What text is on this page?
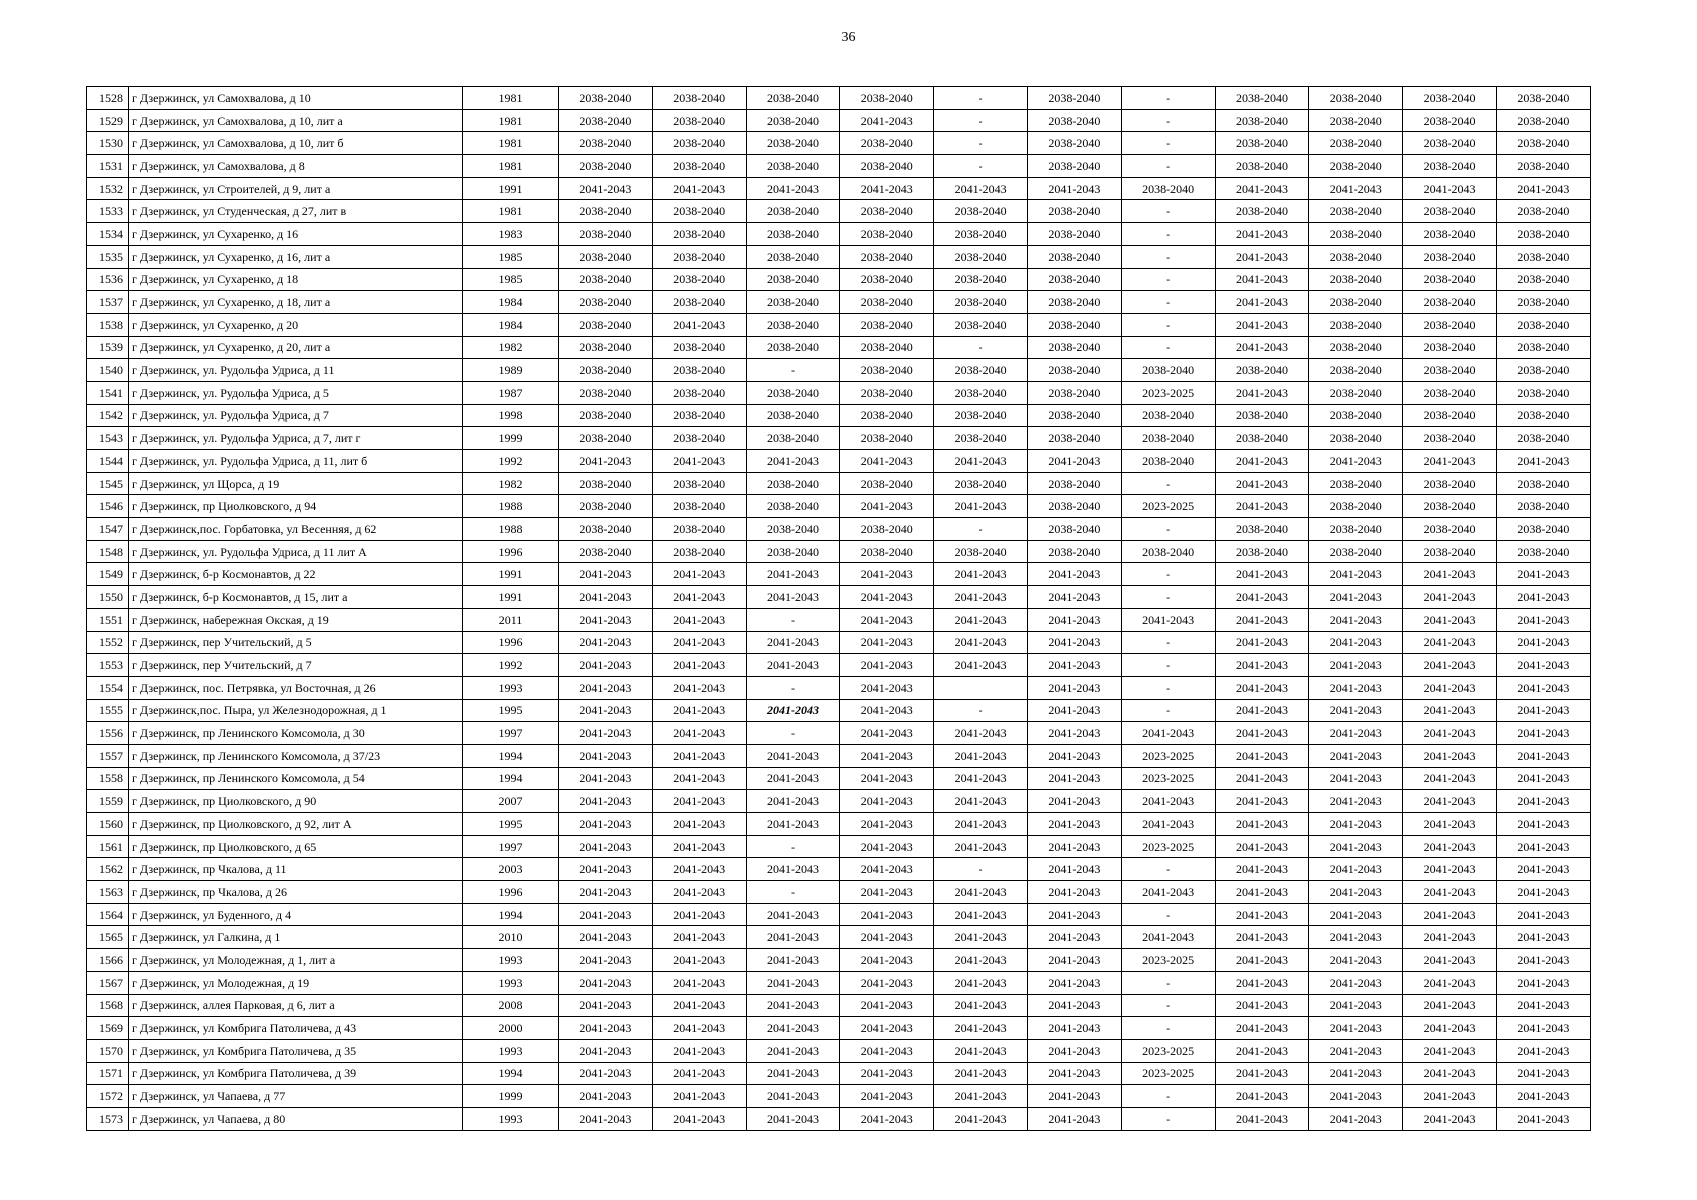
36
1528	г Дзержинск, ул Самохвалова, д 10	1981	2038-2040	2038-2040	2038-2040	2038-2040	-	2038-2040	-	2038-2040	2038-2040	2038-2040	2038-2040
1529	г Дзержинск, ул Самохвалова, д 10, лит а	1981	2038-2040	2038-2040	2038-2040	2041-2043	-	2038-2040	-	2038-2040	2038-2040	2038-2040	2038-2040
1530	г Дзержинск, ул Самохвалова, д 10, лит б	1981	2038-2040	2038-2040	2038-2040	2038-2040	-	2038-2040	-	2038-2040	2038-2040	2038-2040	2038-2040
1531	г Дзержинск, ул Самохвалова, д 8	1981	2038-2040	2038-2040	2038-2040	2038-2040	-	2038-2040	-	2038-2040	2038-2040	2038-2040	2038-2040
1532	г Дзержинск, ул Строителей, д 9, лит а	1991	2041-2043	2041-2043	2041-2043	2041-2043	2041-2043	2041-2043	2038-2040	2041-2043	2041-2043	2041-2043	2041-2043
1533	г Дзержинск, ул Студенческая, д 27, лит в	1981	2038-2040	2038-2040	2038-2040	2038-2040	2038-2040	2038-2040	-	2038-2040	2038-2040	2038-2040	2038-2040
1534	г Дзержинск, ул Сухаренко, д 16	1983	2038-2040	2038-2040	2038-2040	2038-2040	2038-2040	2038-2040	-	2041-2043	2038-2040	2038-2040	2038-2040
1535	г Дзержинск, ул Сухаренко, д 16, лит а	1985	2038-2040	2038-2040	2038-2040	2038-2040	2038-2040	2038-2040	-	2041-2043	2038-2040	2038-2040	2038-2040
1536	г Дзержинск, ул Сухаренко, д 18	1985	2038-2040	2038-2040	2038-2040	2038-2040	2038-2040	2038-2040	-	2041-2043	2038-2040	2038-2040	2038-2040
1537	г Дзержинск, ул Сухаренко, д 18, лит а	1984	2038-2040	2038-2040	2038-2040	2038-2040	2038-2040	2038-2040	-	2041-2043	2038-2040	2038-2040	2038-2040
1538	г Дзержинск, ул Сухаренко, д 20	1984	2038-2040	2041-2043	2038-2040	2038-2040	2038-2040	2038-2040	-	2041-2043	2038-2040	2038-2040	2038-2040
1539	г Дзержинск, ул Сухаренко, д 20, лит а	1982	2038-2040	2038-2040	2038-2040	2038-2040	-	2038-2040	-	2041-2043	2038-2040	2038-2040	2038-2040
1540	г Дзержинск, ул. Рудольфа Удриса, д 11	1989	2038-2040	2038-2040	-	2038-2040	2038-2040	2038-2040	2038-2040	2038-2040	2038-2040	2038-2040	2038-2040
1541	г Дзержинск, ул. Рудольфа Удриса, д 5	1987	2038-2040	2038-2040	2038-2040	2038-2040	2038-2040	2038-2040	2023-2025	2041-2043	2038-2040	2038-2040	2038-2040
1542	г Дзержинск, ул. Рудольфа Удриса, д 7	1998	2038-2040	2038-2040	2038-2040	2038-2040	2038-2040	2038-2040	2038-2040	2038-2040	2038-2040	2038-2040	2038-2040
1543	г Дзержинск, ул. Рудольфа Удриса, д 7, лит г	1999	2038-2040	2038-2040	2038-2040	2038-2040	2038-2040	2038-2040	2038-2040	2038-2040	2038-2040	2038-2040	2038-2040
1544	г Дзержинск, ул. Рудольфа Удриса, д 11, лит б	1992	2041-2043	2041-2043	2041-2043	2041-2043	2041-2043	2041-2043	2038-2040	2041-2043	2041-2043	2041-2043	2041-2043
1545	г Дзержинск, ул Щорса, д 19	1982	2038-2040	2038-2040	2038-2040	2038-2040	2038-2040	2038-2040	-	2041-2043	2038-2040	2038-2040	2038-2040
1546	г Дзержинск, пр Циолковского, д 94	1988	2038-2040	2038-2040	2038-2040	2041-2043	2041-2043	2038-2040	2023-2025	2041-2043	2038-2040	2038-2040	2038-2040
1547	г Дзержинск,пос. Горбатовка, ул Весенняя, д 62	1988	2038-2040	2038-2040	2038-2040	2038-2040	-	2038-2040	-	2038-2040	2038-2040	2038-2040	2038-2040
1548	г Дзержинск, ул. Рудольфа Удриса, д 11 лит А	1996	2038-2040	2038-2040	2038-2040	2038-2040	2038-2040	2038-2040	2038-2040	2038-2040	2038-2040	2038-2040	2038-2040
1549	г Дзержинск, б-р Космонавтов, д 22	1991	2041-2043	2041-2043	2041-2043	2041-2043	2041-2043	2041-2043	-	2041-2043	2041-2043	2041-2043	2041-2043
1550	г Дзержинск, б-р Космонавтов, д 15, лит а	1991	2041-2043	2041-2043	2041-2043	2041-2043	2041-2043	2041-2043	-	2041-2043	2041-2043	2041-2043	2041-2043
1551	г Дзержинск, набережная Окская, д 19	2011	2041-2043	2041-2043	-	2041-2043	2041-2043	2041-2043	2041-2043	2041-2043	2041-2043	2041-2043	2041-2043
1552	г Дзержинск, пер Учительский, д 5	1996	2041-2043	2041-2043	2041-2043	2041-2043	2041-2043	2041-2043	-	2041-2043	2041-2043	2041-2043	2041-2043
1553	г Дзержинск, пер Учительский, д 7	1992	2041-2043	2041-2043	2041-2043	2041-2043	2041-2043	2041-2043	-	2041-2043	2041-2043	2041-2043	2041-2043
1554	г Дзержинск, пос. Петрявка, ул Восточная, д 26	1993	2041-2043	2041-2043	-	2041-2043		2041-2043	-	2041-2043	2041-2043	2041-2043	2041-2043
1555	г Дзержинск,пос. Пыра, ул Железнодорожная, д 1	1995	2041-2043	2041-2043	2041-2043	2041-2043	-	2041-2043	-	2041-2043	2041-2043	2041-2043	2041-2043
1556	г Дзержинск, пр Ленинского Комсомола, д 30	1997	2041-2043	2041-2043	-	2041-2043	2041-2043	2041-2043	2041-2043	2041-2043	2041-2043	2041-2043	2041-2043
1557	г Дзержинск, пр Ленинского Комсомола, д 37/23	1994	2041-2043	2041-2043	2041-2043	2041-2043	2041-2043	2041-2043	2023-2025	2041-2043	2041-2043	2041-2043	2041-2043
1558	г Дзержинск, пр Ленинского Комсомола, д 54	1994	2041-2043	2041-2043	2041-2043	2041-2043	2041-2043	2041-2043	2023-2025	2041-2043	2041-2043	2041-2043	2041-2043
1559	г Дзержинск, пр Циолковского, д 90	2007	2041-2043	2041-2043	2041-2043	2041-2043	2041-2043	2041-2043	2041-2043	2041-2043	2041-2043	2041-2043	2041-2043
1560	г Дзержинск, пр Циолковского, д 92, лит А	1995	2041-2043	2041-2043	2041-2043	2041-2043	2041-2043	2041-2043	2041-2043	2041-2043	2041-2043	2041-2043	2041-2043
1561	г Дзержинск, пр Циолковского, д 65	1997	2041-2043	2041-2043	-	2041-2043	2041-2043	2041-2043	2023-2025	2041-2043	2041-2043	2041-2043	2041-2043
1562	г Дзержинск, пр Чкалова, д 11	2003	2041-2043	2041-2043	2041-2043	2041-2043	-	2041-2043	-	2041-2043	2041-2043	2041-2043	2041-2043
1563	г Дзержинск, пр Чкалова, д 26	1996	2041-2043	2041-2043	-	2041-2043	2041-2043	2041-2043	2041-2043	2041-2043	2041-2043	2041-2043	2041-2043
1564	г Дзержинск, ул Буденного, д 4	1994	2041-2043	2041-2043	2041-2043	2041-2043	2041-2043	2041-2043	-	2041-2043	2041-2043	2041-2043	2041-2043
1565	г Дзержинск, ул Галкина, д 1	2010	2041-2043	2041-2043	2041-2043	2041-2043	2041-2043	2041-2043	2041-2043	2041-2043	2041-2043	2041-2043	2041-2043
1566	г Дзержинск, ул Молодежная, д 1, лит а	1993	2041-2043	2041-2043	2041-2043	2041-2043	2041-2043	2041-2043	2023-2025	2041-2043	2041-2043	2041-2043	2041-2043
1567	г Дзержинск, ул Молодежная, д 19	1993	2041-2043	2041-2043	2041-2043	2041-2043	2041-2043	2041-2043	-	2041-2043	2041-2043	2041-2043	2041-2043
1568	г Дзержинск, аллея Парковая, д 6, лит а	2008	2041-2043	2041-2043	2041-2043	2041-2043	2041-2043	2041-2043	-	2041-2043	2041-2043	2041-2043	2041-2043
1569	г Дзержинск, ул Комбрига Патоличева, д 43	2000	2041-2043	2041-2043	2041-2043	2041-2043	2041-2043	2041-2043	-	2041-2043	2041-2043	2041-2043	2041-2043
1570	г Дзержинск, ул Комбрига Патоличева, д 35	1993	2041-2043	2041-2043	2041-2043	2041-2043	2041-2043	2041-2043	2023-2025	2041-2043	2041-2043	2041-2043	2041-2043
1571	г Дзержинск, ул Комбрига Патоличева, д 39	1994	2041-2043	2041-2043	2041-2043	2041-2043	2041-2043	2041-2043	2023-2025	2041-2043	2041-2043	2041-2043	2041-2043
1572	г Дзержинск, ул Чапаева, д 77	1999	2041-2043	2041-2043	2041-2043	2041-2043	2041-2043	2041-2043	-	2041-2043	2041-2043	2041-2043	2041-2043
1573	г Дзержинск, ул Чапаева, д 80	1993	2041-2043	2041-2043	2041-2043	2041-2043	2041-2043	2041-2043	-	2041-2043	2041-2043	2041-2043	2041-2043
